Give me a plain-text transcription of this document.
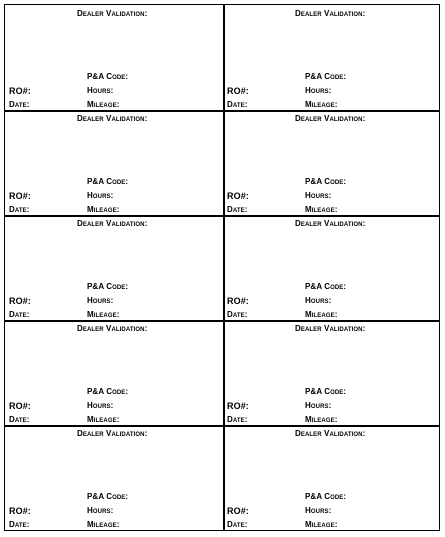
Dealer Validation:
P&A Code:
RO#:	Hours:
Date:	Mileage:
Dealer Validation:
P&A Code:
RO#:	Hours:
Date:	Mileage:
Dealer Validation:
P&A Code:
RO#:	Hours:
Date:	Mileage:
Dealer Validation:
P&A Code:
RO#:	Hours:
Date:	Mileage:
Dealer Validation:
P&A Code:
RO#:	Hours:
Date:	Mileage:
Dealer Validation:
P&A Code:
RO#:	Hours:
Date:	Mileage:
Dealer Validation:
P&A Code:
RO#:	Hours:
Date:	Mileage:
Dealer Validation:
P&A Code:
RO#:	Hours:
Date:	Mileage:
Dealer Validation:
P&A Code:
RO#:	Hours:
Date:	Mileage:
Dealer Validation:
P&A Code:
RO#:	Hours:
Date:	Mileage:
